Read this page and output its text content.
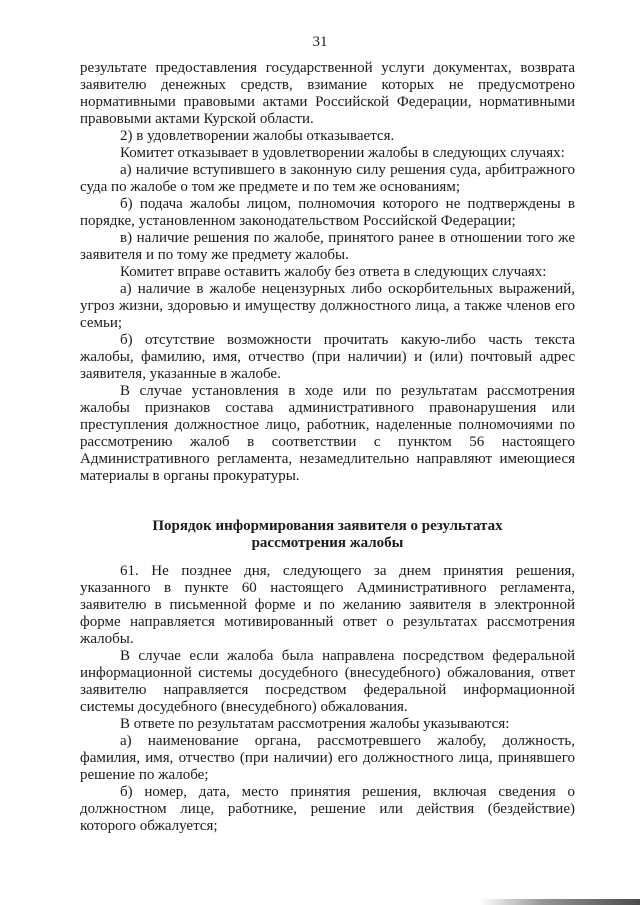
31

результате предоставления государственной услуги документах, возврата заявителю денежных средств, взимание которых не предусмотрено нормативными правовыми актами Российской Федерации, нормативными правовыми актами Курской области.

2) в удовлетворении жалобы отказывается.

Комитет отказывает в удовлетворении жалобы в следующих случаях:

а) наличие вступившего в законную силу решения суда, арбитражного суда по жалобе о том же предмете и по тем же основаниям;

б) подача жалобы лицом, полномочия которого не подтверждены в порядке, установленном законодательством Российской Федерации;

в) наличие решения по жалобе, принятого ранее в отношении того же заявителя и по тому же предмету жалобы.

Комитет вправе оставить жалобу без ответа в следующих случаях:

а) наличие в жалобе нецензурных либо оскорбительных выражений, угроз жизни, здоровью и имуществу должностного лица, а также членов его семьи;

б) отсутствие возможности прочитать какую-либо часть текста жалобы, фамилию, имя, отчество (при наличии) и (или) почтовый адрес заявителя, указанные в жалобе.

В случае установления в ходе или по результатам рассмотрения жалобы признаков состава административного правонарушения или преступления должностное лицо, работник, наделенные полномочиями по рассмотрению жалоб в соответствии с пунктом 56 настоящего Административного регламента, незамедлительно направляют имеющиеся материалы в органы прокуратуры.

Порядок информирования заявителя о результатах
рассмотрения жалобы

61. Не позднее дня, следующего за днем принятия решения, указанного в пункте 60 настоящего Административного регламента, заявителю в письменной форме и по желанию заявителя в электронной форме направляется мотивированный ответ о результатах рассмотрения жалобы.

В случае если жалоба была направлена посредством федеральной информационной системы досудебного (внесудебного) обжалования, ответ заявителю направляется посредством федеральной информационной системы досудебного (внесудебного) обжалования.

В ответе по результатам рассмотрения жалобы указываются:

а) наименование органа, рассмотревшего жалобу, должность, фамилия, имя, отчество (при наличии) его должностного лица, принявшего решение по жалобе;

б) номер, дата, место принятия решения, включая сведения о должностном лице, работнике, решение или действия (бездействие) которого обжалуется;
